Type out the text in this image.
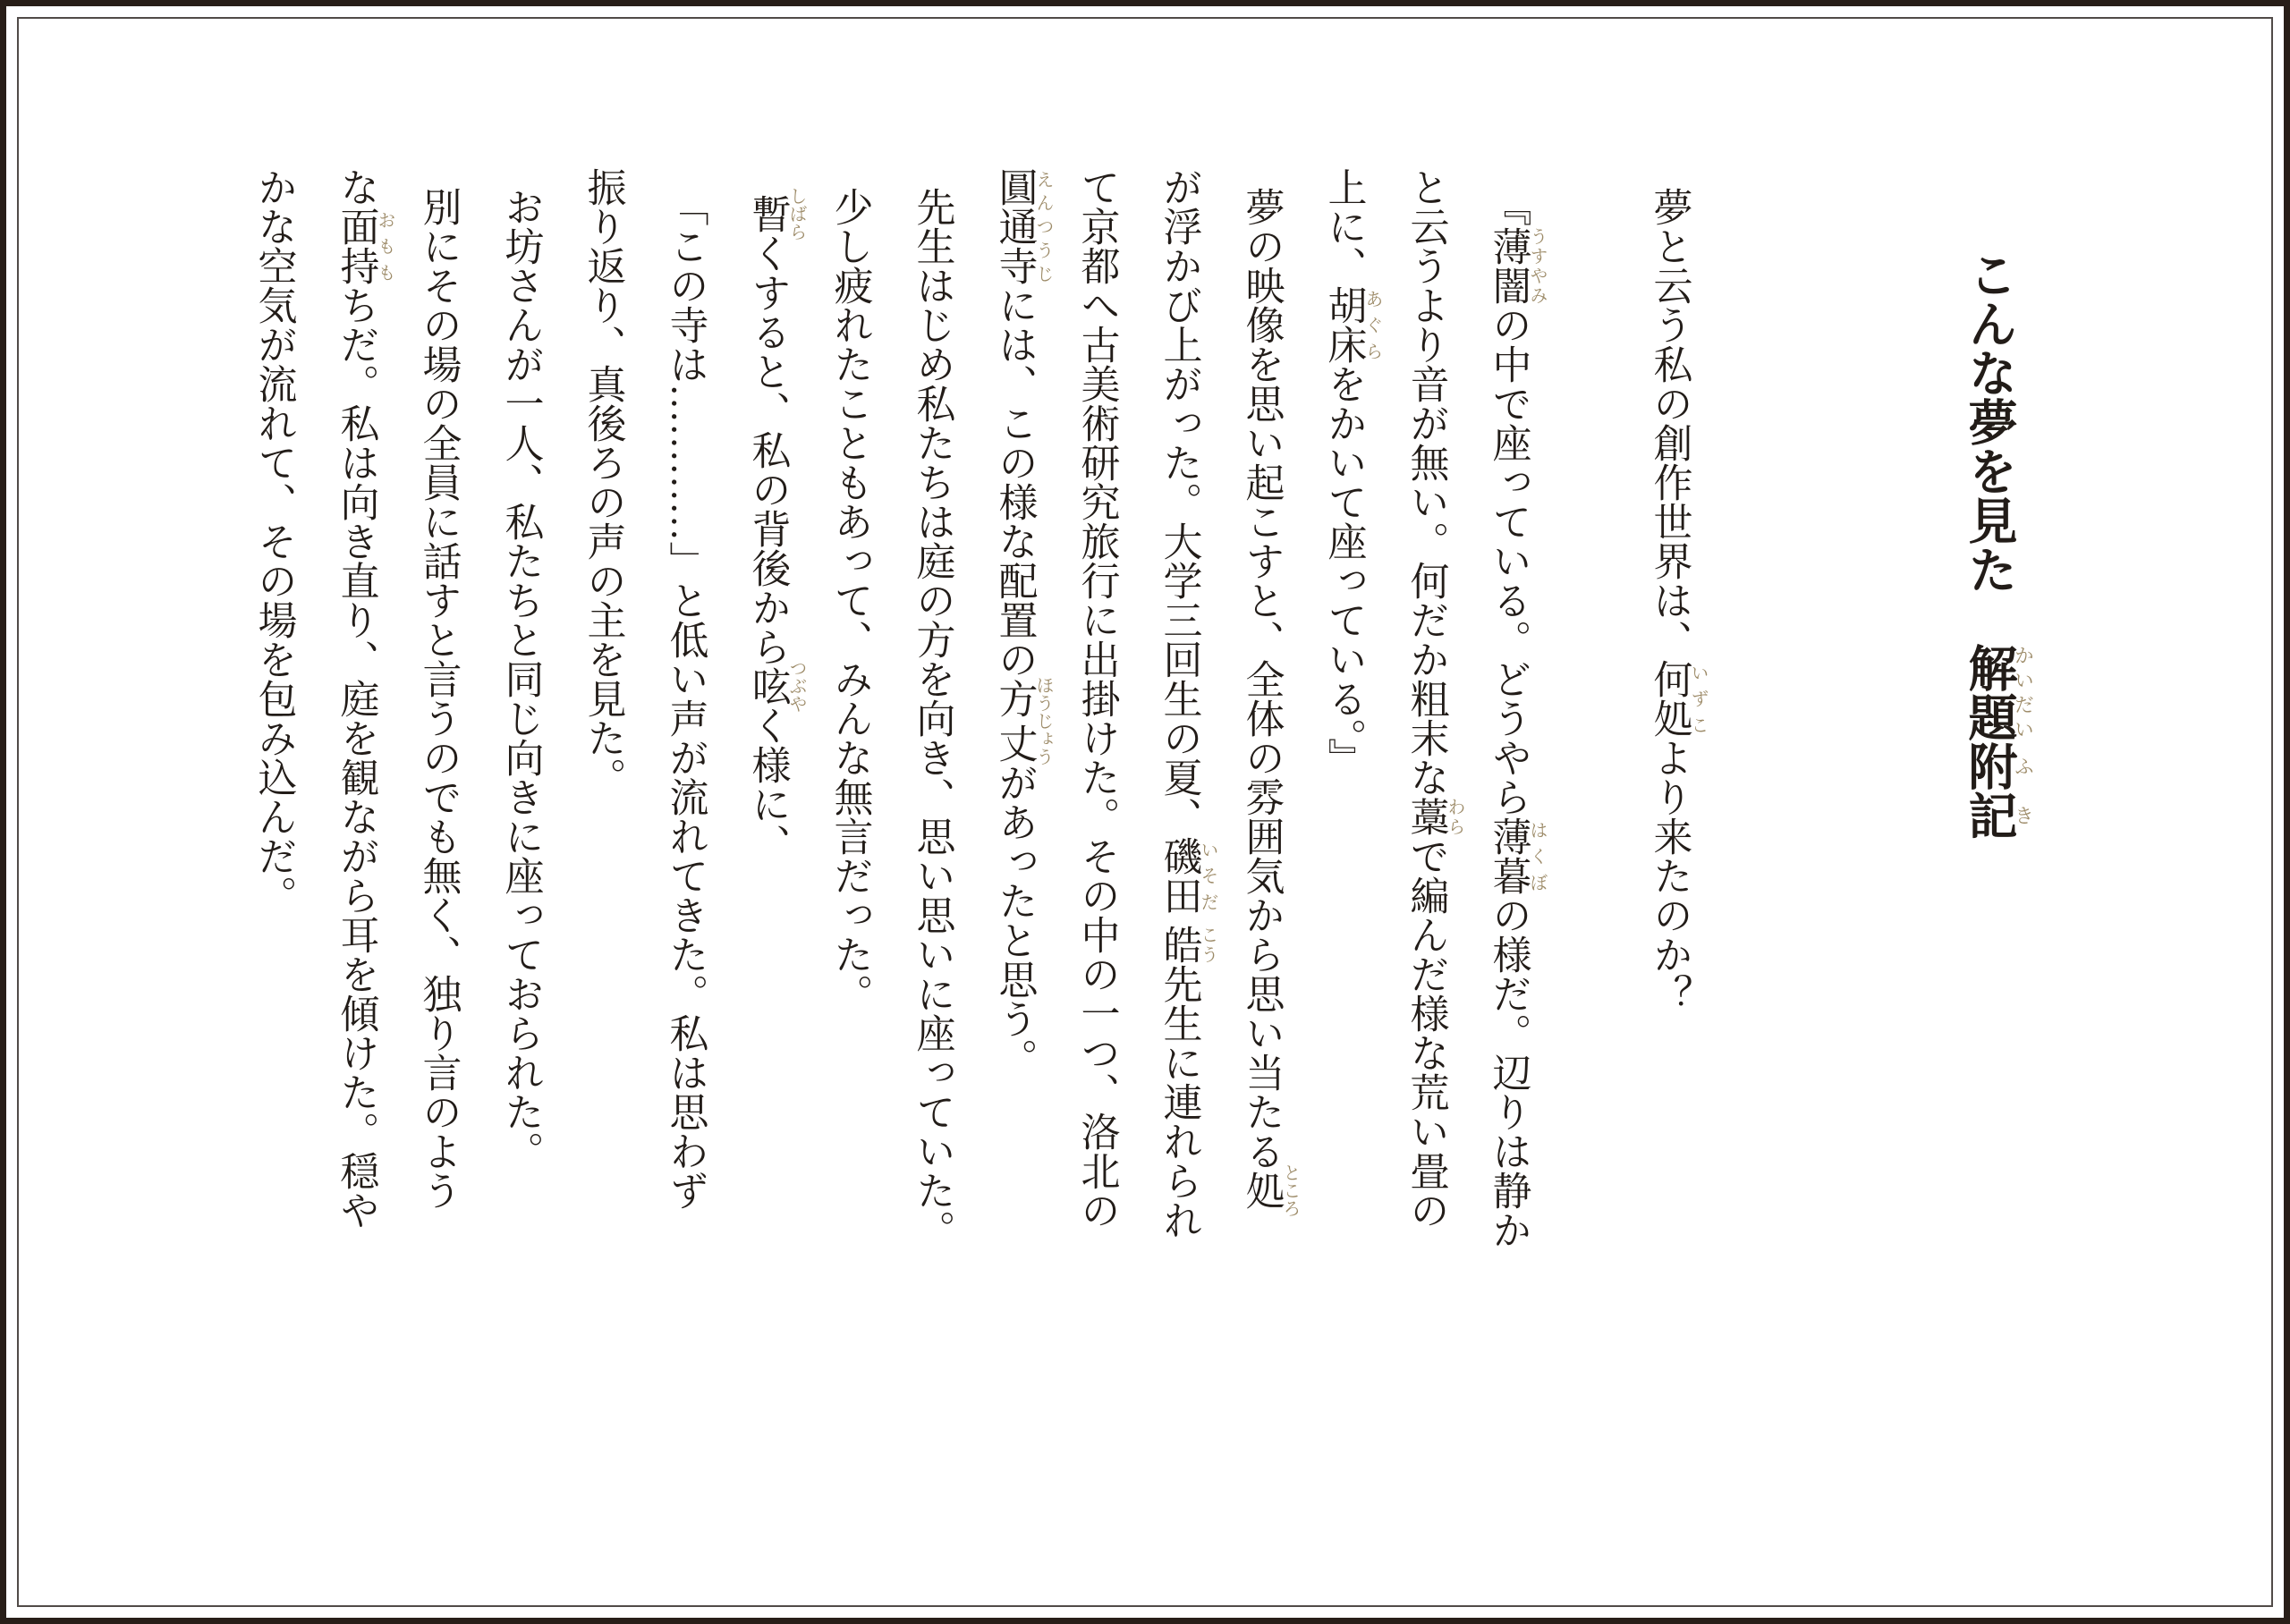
こんな夢を見た　解題かいだい附記ふき
夢と云う私の創作世界は、何処いずこより来たのか？
『薄闇うすやみの中で座っている。どうやら薄暮はくぼの様だ。辺りは静か
と云うより音が無い。何だか粗末な藁わらで編んだ様な荒い畳の
上に、胡床あぐらをかいて座っている。』
夢の映像を思い起こすと、全体の雰囲気から思い当たる処ところ
が浮かび上がった。大学三回生の夏、磯田いそだ 皓こう先生に連れられ
て京都へ古美術研究旅行に出掛けた。その中の一つ、洛北の
圓通寺えんつうじには、この様な配置の方丈ほうじょうがあったと思う。
先生はじめ私たちは庭の方を向き、思い思いに座っていた。
少し疲れたこともあって、みんな無言だった。
暫しばらくすると、私の背後から呟つぶやく様に、
「この寺は…………」と低い声が流れてきた。私は思わず
振り返り、真後ろの声の主を見た。
お坊さんが一人、私たちと同じ向きに座っておられた。
別にその場の全員に話すと言うのでも無く、独り言のよう
な面持おももちだ。私は向き直り、庭を観ながら耳を傾けた。穏や
かな空気が流れて、その場を包み込んだ。
